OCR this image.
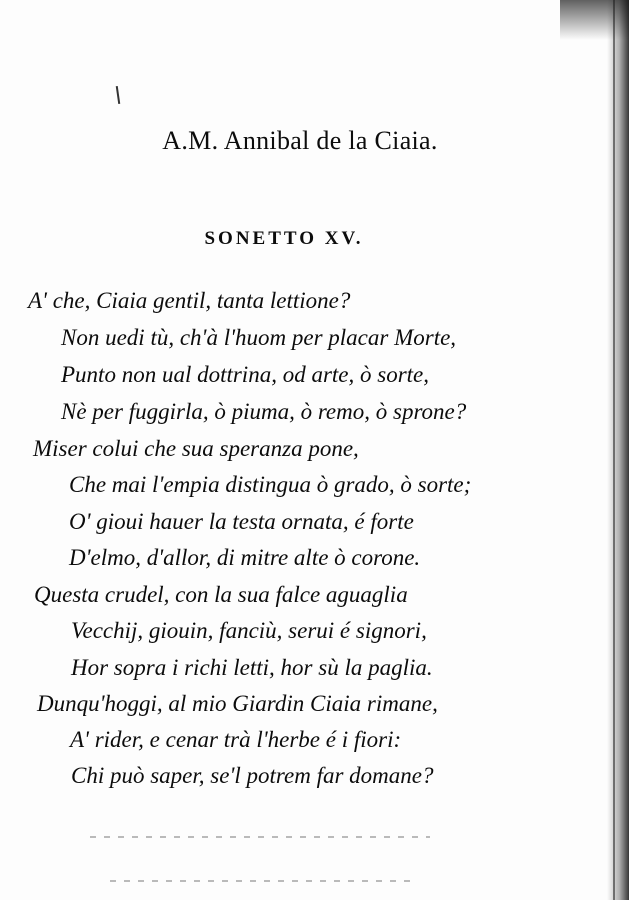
A.M. Annibal de la Ciaia.
SONETTO XV.
A' che, Ciaia gentil, tanta lettione?
Non uedi tù, ch'à l'huom per placar Morte,
Punto non ual dottrina, od arte, ò sorte,
Nè per fuggirla, ò piuma, ò remo, ò sprone?
Miser colui che sua speranza pone,
Che mai l'empia distingua ò grado, ò sorte;
O' gioui hauer la testa ornata, é forte
D'elmo, d'allor, di mitre alte ò corone.
Questa crudel, con la sua falce aguaglia
Vecchij, giouin, fanciù, serui é signori,
Hor sopra i richi letti, hor sù la paglia.
Dunqu'hoggi, al mio Giardin Ciaia rimane,
A' rider, e cenar trà l'herbe é i fiori:
Chi può saper, se'l potrem far domane?
